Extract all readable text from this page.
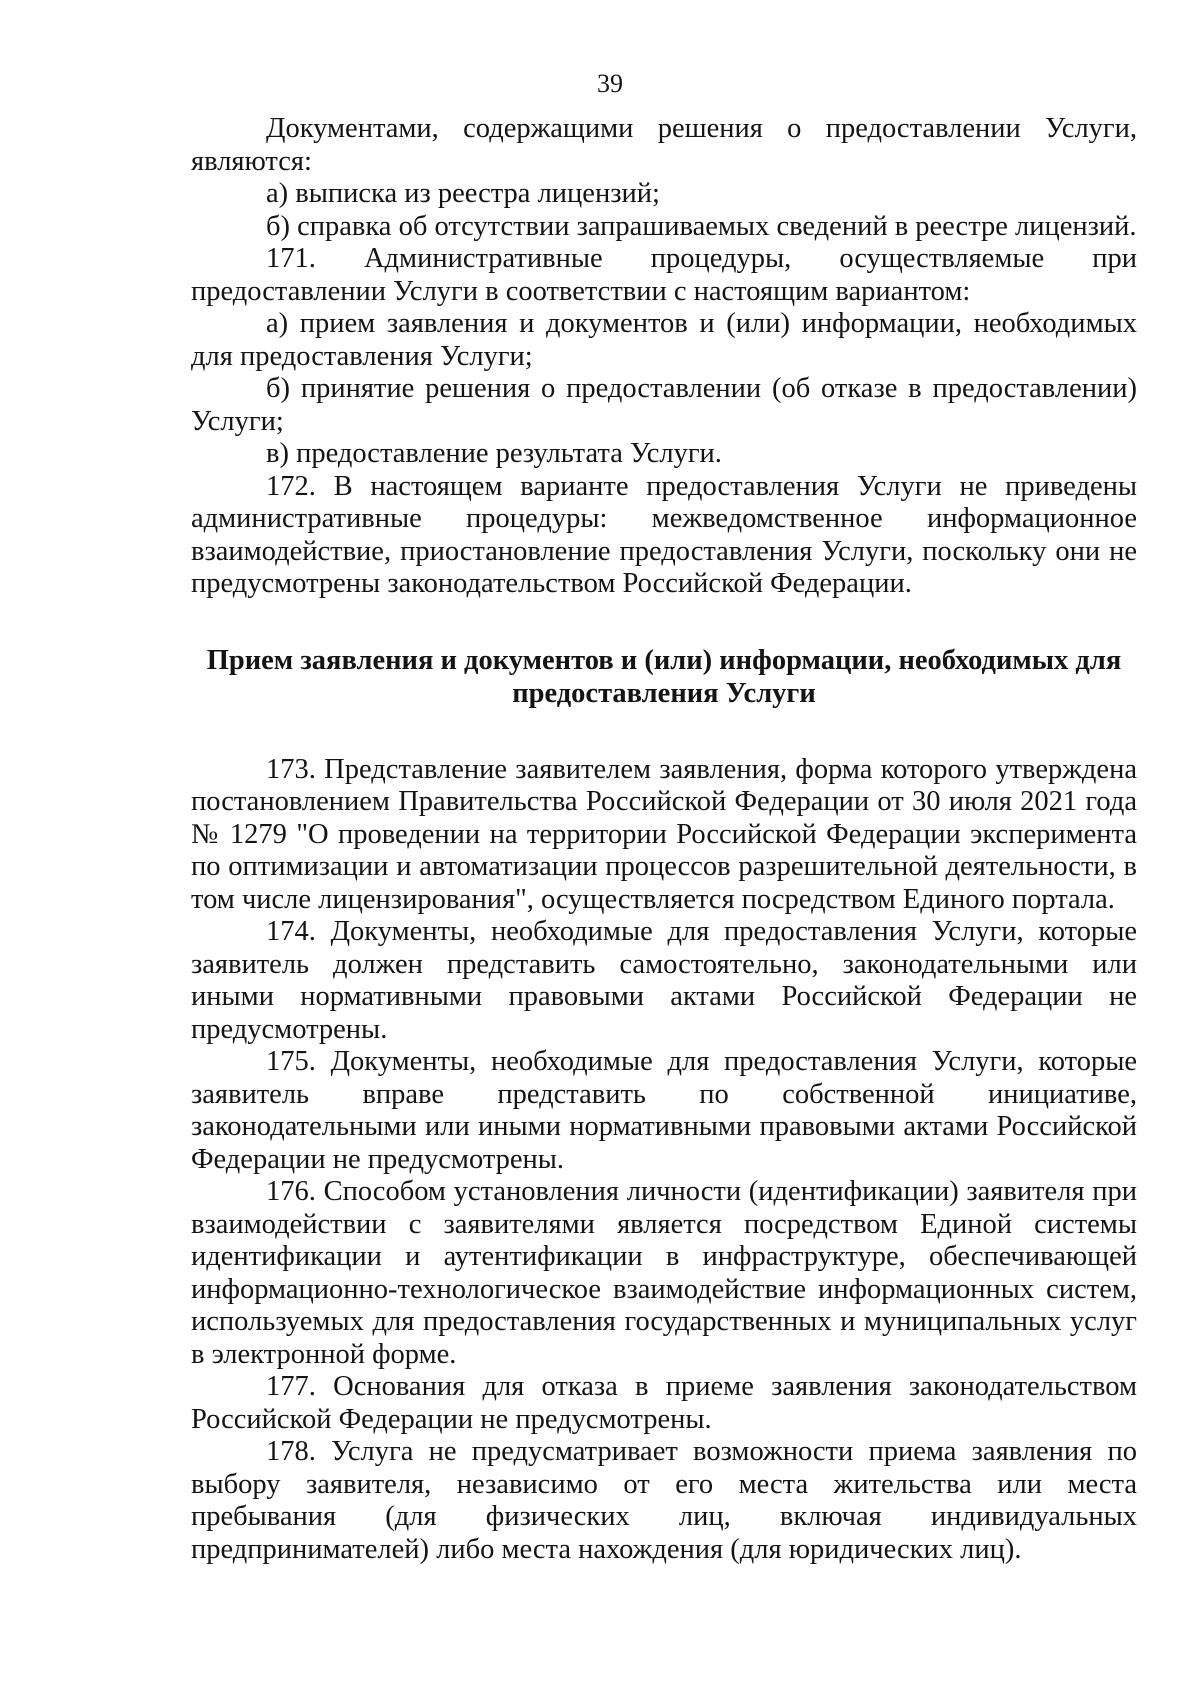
39

Документами, содержащими решения о предоставлении Услуги, являются:

а) выписка из реестра лицензий;

б) справка об отсутствии запрашиваемых сведений в реестре лицензий.

171. Административные процедуры, осуществляемые при предоставлении Услуги в соответствии с настоящим вариантом:

а) прием заявления и документов и (или) информации, необходимых для предоставления Услуги;

б) принятие решения о предоставлении (об отказе в предоставлении) Услуги;

в) предоставление результата Услуги.

172. В настоящем варианте предоставления Услуги не приведены административные процедуры: межведомственное информационное взаимодействие, приостановление предоставления Услуги, поскольку они не предусмотрены законодательством Российской Федерации.

Прием заявления и документов и (или) информации, необходимых для
предоставления Услуги

173. Представление заявителем заявления, форма которого утверждена постановлением Правительства Российской Федерации от 30 июля 2021 года № 1279 "О проведении на территории Российской Федерации эксперимента по оптимизации и автоматизации процессов разрешительной деятельности, в том числе лицензирования", осуществляется посредством Единого портала.

174. Документы, необходимые для предоставления Услуги, которые заявитель должен представить самостоятельно, законодательными или иными нормативными правовыми актами Российской Федерации не предусмотрены.

175. Документы, необходимые для предоставления Услуги, которые заявитель вправе представить по собственной инициативе, законодательными или иными нормативными правовыми актами Российской Федерации не предусмотрены.

176. Способом установления личности (идентификации) заявителя при взаимодействии с заявителями является посредством Единой системы идентификации и аутентификации в инфраструктуре, обеспечивающей информационно-технологическое взаимодействие информационных систем, используемых для предоставления государственных и муниципальных услуг в электронной форме.

177. Основания для отказа в приеме заявления законодательством Российской Федерации не предусмотрены.

178. Услуга не предусматривает возможности приема заявления по выбору заявителя, независимо от его места жительства или места пребывания (для физических лиц, включая индивидуальных предпринимателей) либо места нахождения (для юридических лиц).
